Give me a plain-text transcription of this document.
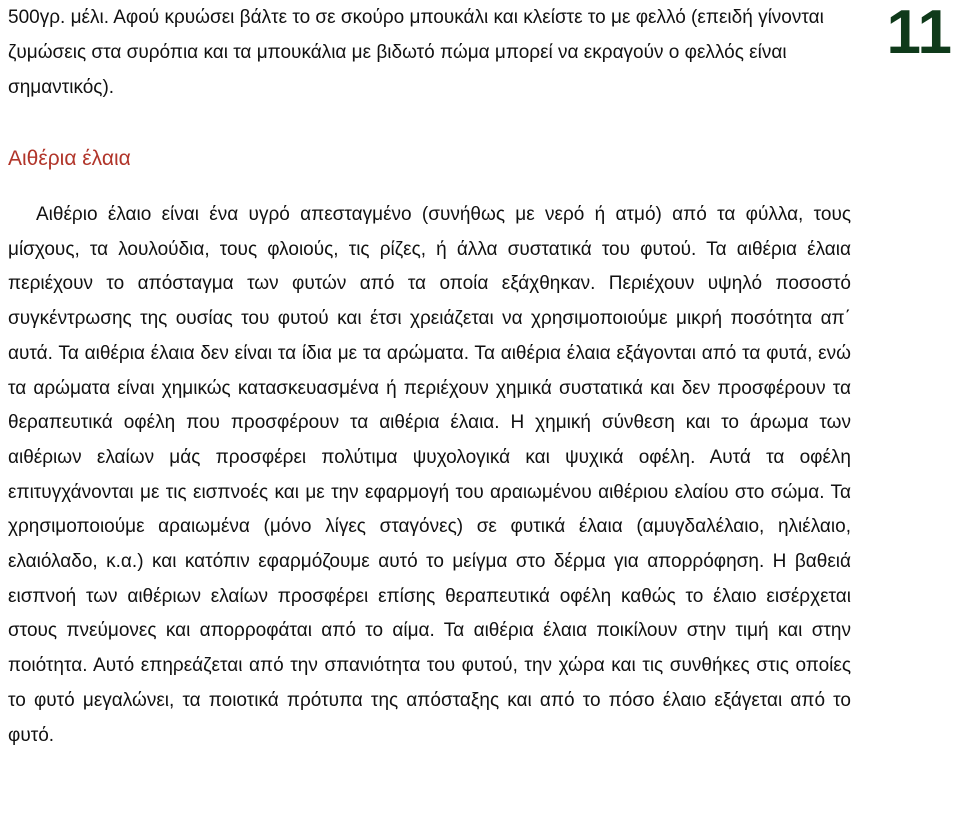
500γρ. μέλι. Αφού κρυώσει βάλτε το σε σκούρο μπουκάλι και κλείστε το με φελλό (επειδή γίνονται ζυμώσεις στα συρόπια και τα μπουκάλια με βιδωτό πώμα μπορεί να εκραγούν ο φελλός είναι σημαντικός).
11
Αιθέρια έλαια

Αιθέριο έλαιο είναι ένα υγρό απεσταγμένο (συνήθως με νερό ή ατμό) από τα φύλλα, τους μίσχους, τα λουλούδια, τους φλοιούς, τις ρίζες, ή άλλα συστατικά του φυτού. Τα αιθέρια έλαια περιέχουν το απόσταγμα των φυτών από τα οποία εξάχθηκαν. Περιέχουν υψηλό ποσοστό συγκέντρωσης της ουσίας του φυτού και έτσι χρειάζεται να χρησιμοποιούμε μικρή ποσότητα απ΄ αυτά. Τα αιθέρια έλαια δεν είναι τα ίδια με τα αρώματα. Τα αιθέρια έλαια εξάγονται από τα φυτά, ενώ τα αρώματα είναι χημικώς κατασκευασμένα ή περιέχουν χημικά συστατικά και δεν προσφέρουν τα θεραπευτικά οφέλη που προσφέρουν τα αιθέρια έλαια. Η χημική σύνθεση και το άρωμα των αιθέριων ελαίων μάς προσφέρει πολύτιμα ψυχολογικά και ψυχικά οφέλη. Αυτά τα οφέλη επιτυγχάνονται με τις εισπνοές και με την εφαρμογή του αραιωμένου αιθέριου ελαίου στο σώμα. Τα χρησιμοποιούμε αραιωμένα (μόνο λίγες σταγόνες) σε φυτικά έλαια (αμυγδαλέλαιο, ηλιέλαιο, ελαιόλαδο, κ.α.) και κατόπιν εφαρμόζουμε αυτό το μείγμα στο δέρμα για απορρόφηση. Η βαθειά εισπνοή των αιθέριων ελαίων προσφέρει επίσης θεραπευτικά οφέλη καθώς το έλαιο εισέρχεται στους πνεύμονες και απορροφάται από το αίμα. Τα αιθέρια έλαια ποικίλουν στην τιμή και στην ποιότητα. Αυτό επηρεάζεται από την σπανιότητα του φυτού, την χώρα και τις συνθήκες στις οποίες το φυτό μεγαλώνει, τα ποιοτικά πρότυπα της απόσταξης και από το πόσο έλαιο εξάγεται από το φυτό.
